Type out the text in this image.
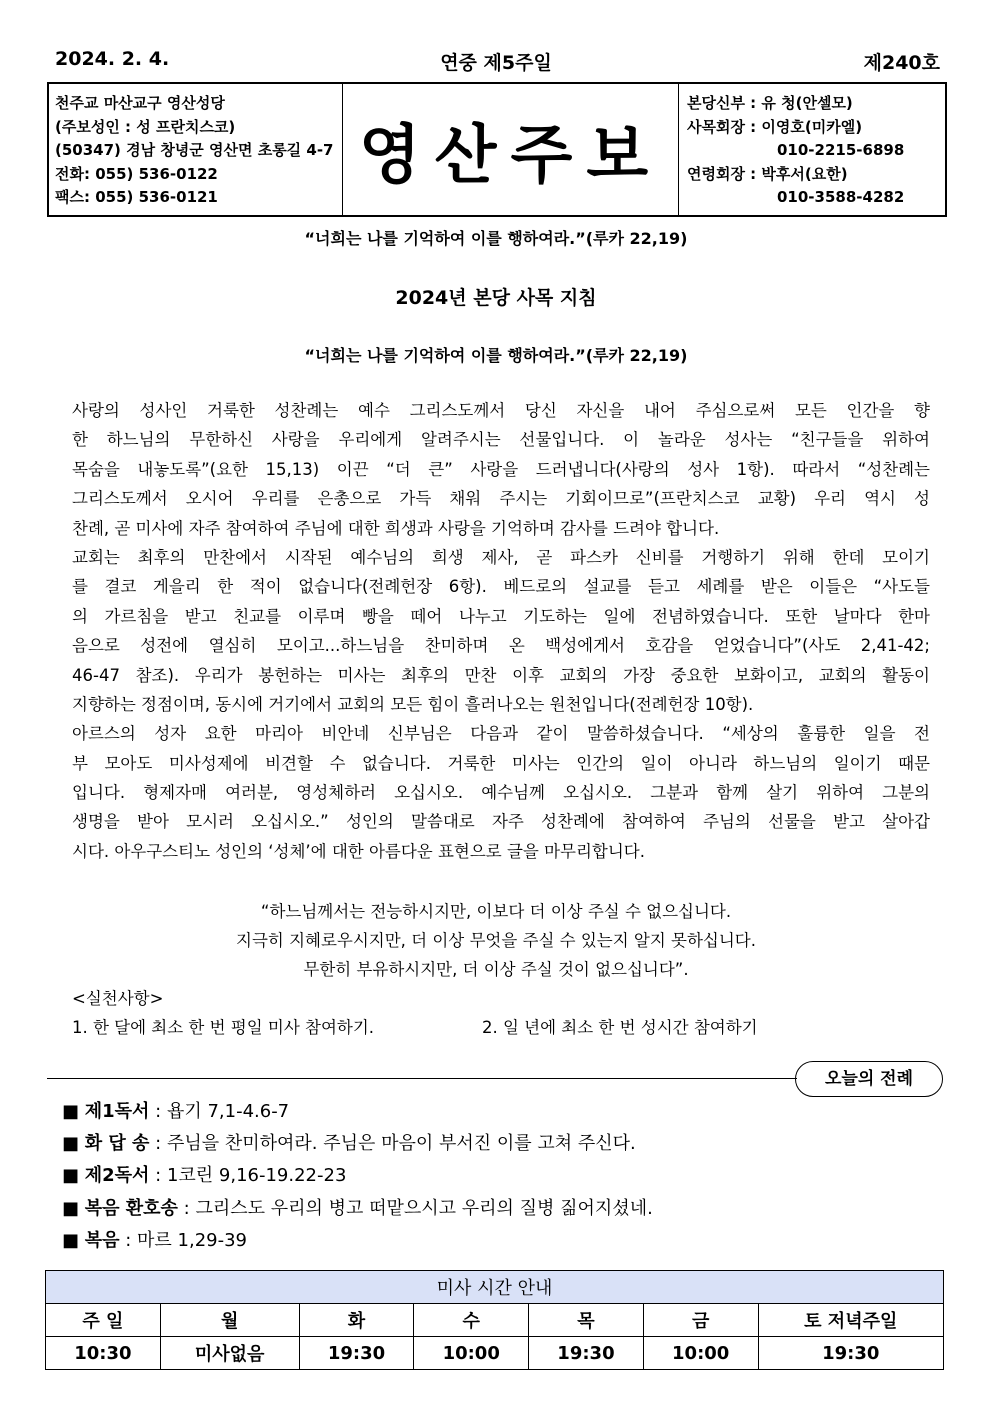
2024. 2. 4.	연중 제5주일	제240호
천주교 마산교구 영산성당
(주보성인 : 성 프란치스코)
(50347) 경남 창녕군 영산면 초롱길 4-7
전화: 055) 536-0122
팩스: 055) 536-0121
영산주보
본당신부 : 유 청(안셀모)
사목회장 : 이영호(미카엘)
010-2215-6898
연령회장 : 박후서(요한)
010-3588-4282
“너희는 나를 기억하여 이를 행하여라.”(루카 22,19)
2024년 본당 사목 지침
“너희는 나를 기억하여 이를 행하여라.”(루카 22,19)
사랑의 성사인 거룩한 성찬례는 예수 그리스도께서 당신 자신을 내어 주심으로써 모든 인간을 향
한 하느님의 무한하신 사랑을 우리에게 알려주시는 선물입니다. 이 놀라운 성사는 “친구들을 위하여
목숨을 내놓도록”(요한 15,13) 이끈 “더 큰” 사랑을 드러냅니다(사랑의 성사 1항). 따라서 “성찬례는
그리스도께서 오시어 우리를 은총으로 가득 채워 주시는 기회이므로”(프란치스코 교황) 우리 역시 성
찬례, 곧 미사에 자주 참여하여 주님에 대한 희생과 사랑을 기억하며 감사를 드려야 합니다.
교회는 최후의 만찬에서 시작된 예수님의 희생 제사, 곧 파스카 신비를 거행하기 위해 한데 모이기
를 결코 게을리 한 적이 없습니다(전례헌장 6항). 베드로의 설교를 듣고 세례를 받은 이들은 “사도들
의 가르침을 받고 친교를 이루며 빵을 떼어 나누고 기도하는 일에 전념하였습니다. 또한 날마다 한마
음으로 성전에 열심히 모이고...하느님을 찬미하며 온 백성에게서 호감을 얻었습니다”(사도 2,41-42;
46-47 참조). 우리가 봉헌하는 미사는 최후의 만찬 이후 교회의 가장 중요한 보화이고, 교회의 활동이
지향하는 정점이며, 동시에 거기에서 교회의 모든 힘이 흘러나오는 원천입니다(전례헌장 10항).
아르스의 성자 요한 마리아 비안네 신부님은 다음과 같이 말씀하셨습니다. “세상의 훌륭한 일을 전
부 모아도 미사성제에 비견할 수 없습니다. 거룩한 미사는 인간의 일이 아니라 하느님의 일이기 때문
입니다. 형제자매 여러분, 영성체하러 오십시오. 예수님께 오십시오. 그분과 함께 살기 위하여 그분의
생명을 받아 모시러 오십시오.” 성인의 말씀대로 자주 성찬례에 참여하여 주님의 선물을 받고 살아갑
시다. 아우구스티노 성인의 ‘성체’에 대한 아름다운 표현으로 글을 마무리합니다.
“하느님께서는 전능하시지만, 이보다 더 이상 주실 수 없으십니다.
지극히 지혜로우시지만, 더 이상 무엇을 주실 수 있는지 알지 못하십니다.
무한히 부유하시지만, 더 이상 주실 것이 없으십니다”.
<실천사항>
1. 한 달에 최소 한 번 평일 미사 참여하기.	2. 일 년에 최소 한 번 성시간 참여하기
오늘의 전례
■ 제1독서 : 욥기 7,1-4.6-7
■ 화 답 송 : 주님을 찬미하여라. 주님은 마음이 부서진 이를 고쳐 주신다.
■ 제2독서 : 1코린 9,16-19.22-23
■ 복음 환호송 : 그리스도 우리의 병고 떠맡으시고 우리의 질병 짊어지셨네.
■ 복음 : 마르 1,29-39
미사 시간 안내						
주 일	월	화	수	목	금	토 저녁주일
10:30	미사없음	19:30	10:00	19:30	10:00	19:30
